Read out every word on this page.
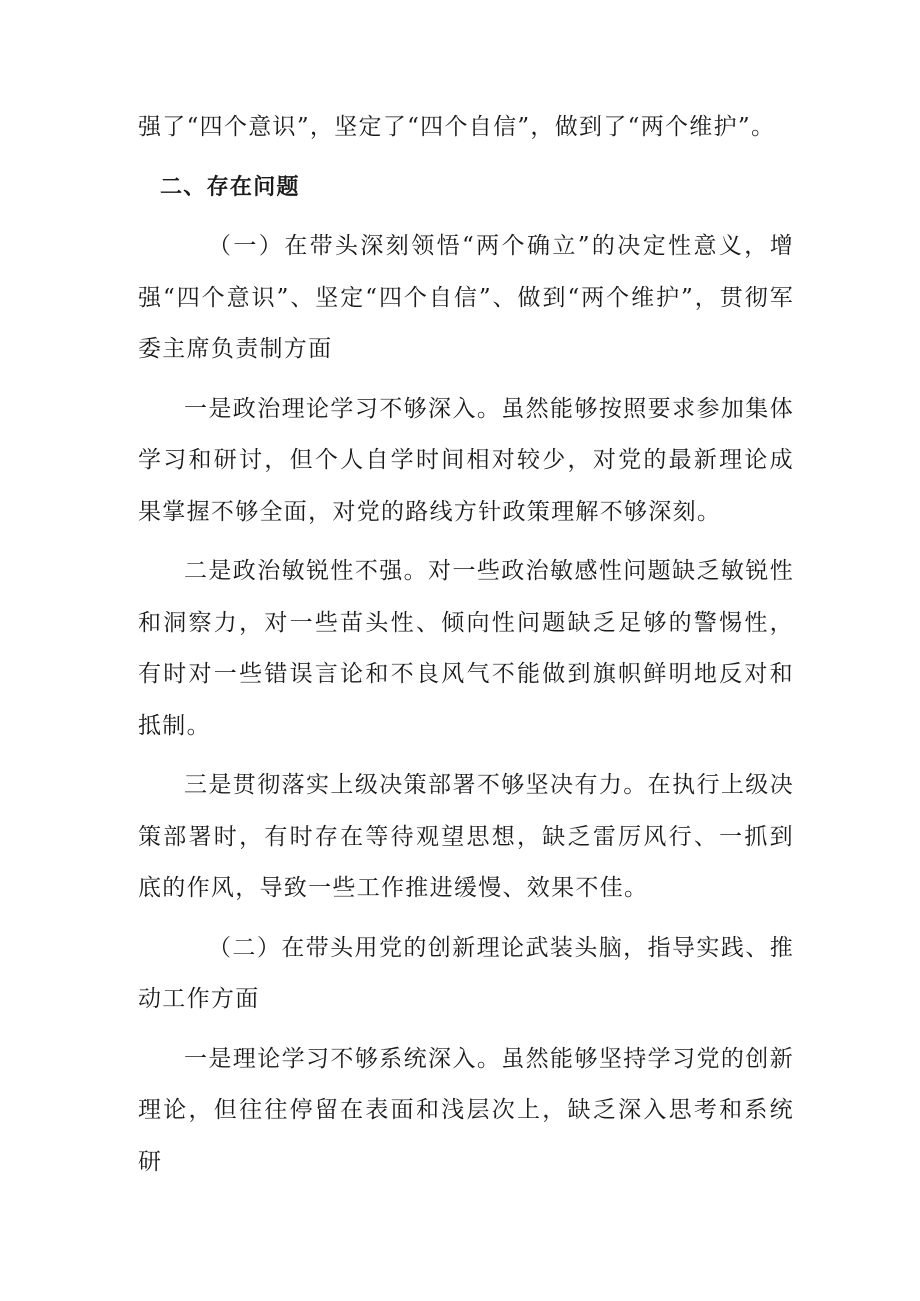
强了“四个意识”，坚定了“四个自信”，做到了“两个维护”。

二、存在问题

（一）在带头深刻领悟“两个确立”的决定性意义，增强“四个意识”、坚定“四个自信”、做到“两个维护”，贯彻军委主席负责制方面

一是政治理论学习不够深入。虽然能够按照要求参加集体学习和研讨，但个人自学时间相对较少，对党的最新理论成果掌握不够全面，对党的路线方针政策理解不够深刻。

二是政治敏锐性不强。对一些政治敏感性问题缺乏敏锐性和洞察力，对一些苗头性、倾向性问题缺乏足够的警惕性，有时对一些错误言论和不良风气不能做到旗帜鲜明地反对和抵制。

三是贯彻落实上级决策部署不够坚决有力。在执行上级决策部署时，有时存在等待观望思想，缺乏雷厉风行、一抓到底的作风，导致一些工作推进缓慢、效果不佳。

（二）在带头用党的创新理论武装头脑，指导实践、推动工作方面

一是理论学习不够系统深入。虽然能够坚持学习党的创新理论，但往往停留在表面和浅层次上，缺乏深入思考和系统研
